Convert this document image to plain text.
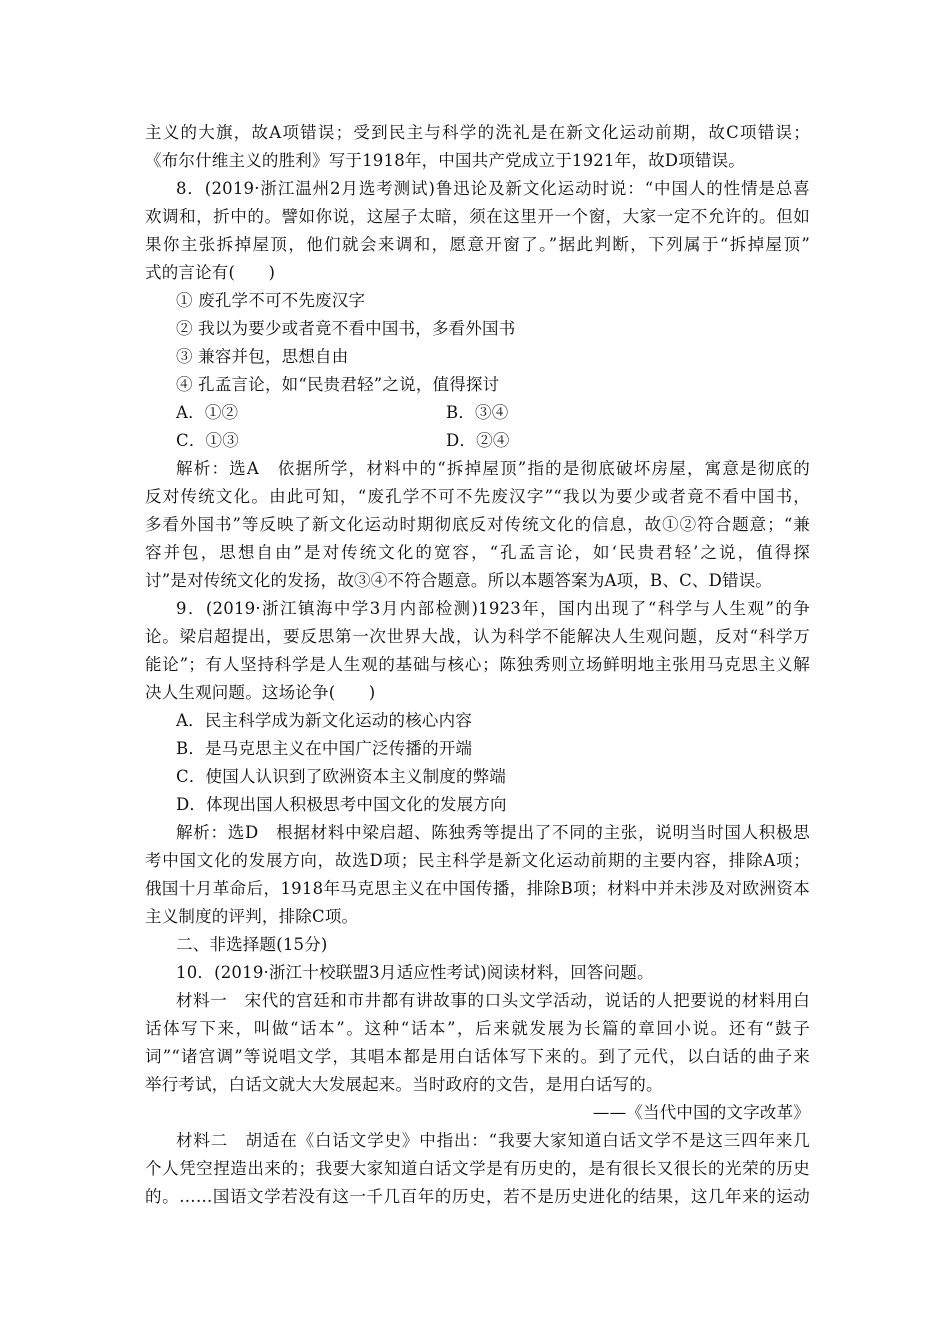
主义的大旗，故A项错误；受到民主与科学的洗礼是在新文化运动前期，故C项错误；
《布尔什维主义的胜利》写于1918年，中国共产党成立于1921年，故D项错误。
8．(2019·浙江温州2月选考测试)鲁迅论及新文化运动时说：“中国人的性情是总喜
欢调和，折中的。譬如你说，这屋子太暗，须在这里开一个窗，大家一定不允许的。但如
果你主张拆掉屋顶，他们就会来调和，愿意开窗了。”据此判断，下列属于“拆掉屋顶”
式的言论有(　　)
① 废孔学不可不先废汉字
② 我以为要少或者竟不看中国书，多看外国书
③ 兼容并包，思想自由
④ 孔孟言论，如“民贵君轻”之说，值得探讨
A．①②	B．③④
C．①③	D．②④
解析：选A　依据所学，材料中的“拆掉屋顶”指的是彻底破坏房屋，寓意是彻底的
反对传统文化。由此可知，“废孔学不可不先废汉字”“我以为要少或者竟不看中国书，
多看外国书”等反映了新文化运动时期彻底反对传统文化的信息，故①②符合题意；“兼
容并包，思想自由”是对传统文化的宽容，“孔孟言论，如‘民贵君轻’之说，值得探
讨”是对传统文化的发扬，故③④不符合题意。所以本题答案为A项，B、C、D错误。
9．(2019·浙江镇海中学3月内部检测)1923年，国内出现了“科学与人生观”的争
论。梁启超提出，要反思第一次世界大战，认为科学不能解决人生观问题，反对“科学万
能论”；有人坚持科学是人生观的基础与核心；陈独秀则立场鲜明地主张用马克思主义解
决人生观问题。这场论争(　　)
A．民主科学成为新文化运动的核心内容
B．是马克思主义在中国广泛传播的开端
C．使国人认识到了欧洲资本主义制度的弊端
D．体现出国人积极思考中国文化的发展方向
解析：选D　根据材料中梁启超、陈独秀等提出了不同的主张，说明当时国人积极思
考中国文化的发展方向，故选D项；民主科学是新文化运动前期的主要内容，排除A项；
俄国十月革命后，1918年马克思主义在中国传播，排除B项；材料中并未涉及对欧洲资本
主义制度的评判，排除C项。
二、非选择题(15分)
10．(2019·浙江十校联盟3月适应性考试)阅读材料，回答问题。
材料一　宋代的宫廷和市井都有讲故事的口头文学活动，说话的人把要说的材料用白
话体写下来，叫做“话本”。这种“话本”，后来就发展为长篇的章回小说。还有“鼓子
词”“诸宫调”等说唱文学，其唱本都是用白话体写下来的。到了元代，以白话的曲子来
举行考试，白话文就大大发展起来。当时政府的文告，是用白话写的。
——《当代中国的文字改革》
材料二　胡适在《白话文学史》中指出：“我要大家知道白话文学不是这三四年来几
个人凭空捏造出来的；我要大家知道白话文学是有历史的，是有很长又很长的光荣的历史
的。……国语文学若没有这一千几百年的历史，若不是历史进化的结果，这几年来的运动
